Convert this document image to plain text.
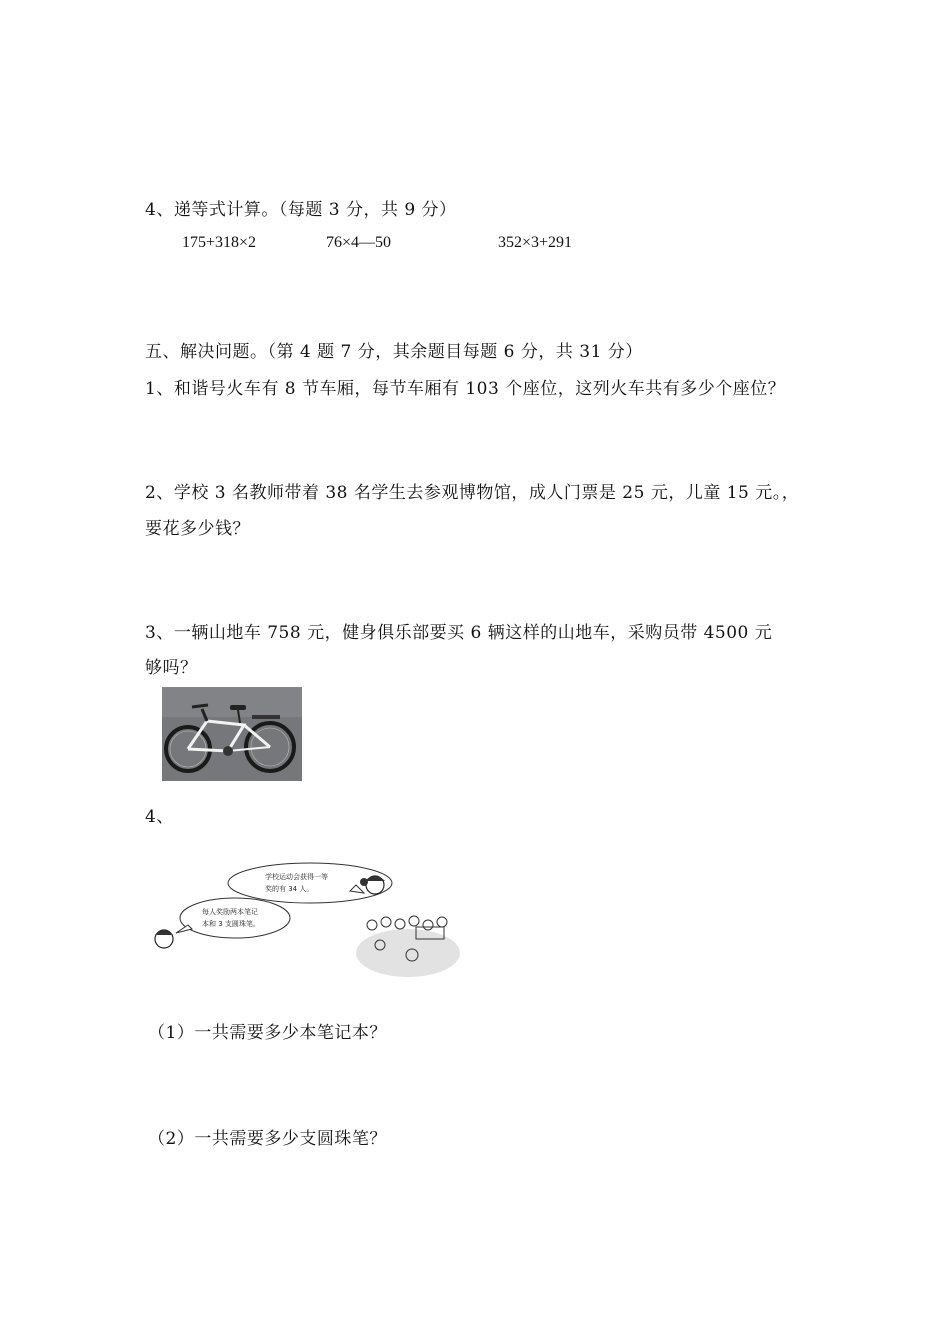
4、递等式计算。（每题 3 分，共 9 分）
175+318×2	76×4—50	352×3+291
五、解决问题。（第 4 题 7 分，其余题目每题 6 分，共 31 分）
1、和谐号火车有 8 节车厢，每节车厢有 103 个座位，这列火车共有多少个座位？
2、学校 3 名教师带着 38 名学生去参观博物馆，成人门票是 25 元，儿童 15 元。，
要花多少钱？
3、一辆山地车 758 元，健身俱乐部要买 6 辆这样的山地车，采购员带 4500 元
够吗？
4、
学校运动会获得一等
奖的有 34 人。
每人奖励两本笔记
本和 3 支圆珠笔。
（1）一共需要多少本笔记本？
（2）一共需要多少支圆珠笔？
